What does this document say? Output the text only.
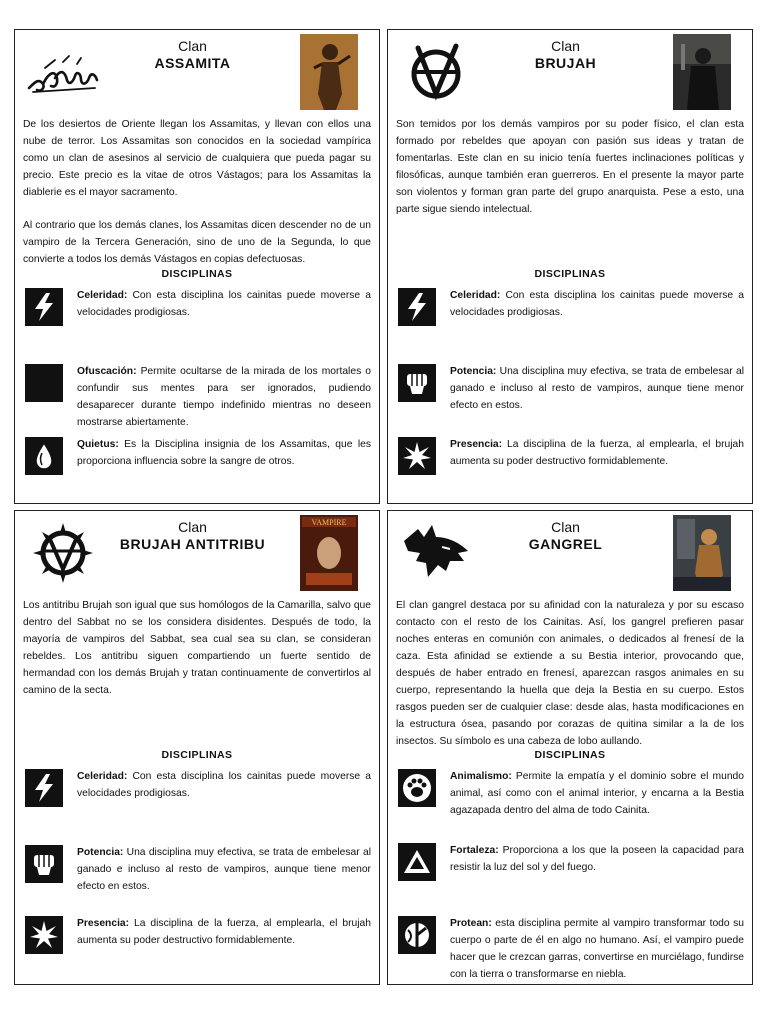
Clan
ASSAMITA

De los desiertos de Oriente llegan los Assamitas, y llevan con ellos una nube de terror. Los Assamitas son conocidos en la sociedad vampírica como un clan de asesinos al servicio de cualquiera que pueda pagar su precio. Este precio es la vitae de otros Vástagos; para los Assamitas la diablerie es el mayor sacramento.

Al contrario que los demás clanes, los Assamitas dicen descender no de un vampiro de la Tercera Generación, sino de uno de la Segunda, lo que convierte a todos los demás Vástagos en copias defectuosas.

DISCIPLINAS
Celeridad: Con esta disciplina los cainitas puede moverse a velocidades prodigiosas.
Ofuscación: Permite ocultarse de la mirada de los mortales o confundir sus mentes para ser ignorados, pudiendo desaparecer durante tiempo indefinido mientras no deseen mostrarse abiertamente.
Quietus: Es la Disciplina insignia de los Assamitas, que les proporciona influencia sobre la sangre de otros.
Clan
BRUJAH

Son temidos por los demás vampiros por su poder físico, el clan esta formado por rebeldes que apoyan con pasión sus ideas y tratan de fomentarlas. Este clan en su inicio tenía fuertes inclinaciones políticas y filosóficas, aunque también eran guerreros. En el presente la mayor parte son violentos y forman gran parte del grupo anarquista. Pese a esto, una parte sigue siendo intelectual.

DISCIPLINAS
Celeridad: Con esta disciplina los cainitas puede moverse a velocidades prodigiosas.
Potencia: Una disciplina muy efectiva, se trata de embelesar al ganado e incluso al resto de vampiros, aunque tiene menor efecto en estos.
Presencia: La disciplina de la fuerza, al emplearla, el brujah aumenta su poder destructivo formidablemente.
Clan
BRUJAH ANTITRIBU
VAMPIRE

Los antitribu Brujah son igual que sus homólogos de la Camarilla, salvo que dentro del Sabbat no se los considera disidentes. Después de todo, la mayoría de vampiros del Sabbat, sea cual sea su clan, se consideran rebeldes. Los antitribu siguen compartiendo un fuerte sentido de hermandad con los demás Brujah y tratan continuamente de convertirlos al camino de la secta.

DISCIPLINAS
Celeridad: Con esta disciplina los cainitas puede moverse a velocidades prodigiosas.
Potencia: Una disciplina muy efectiva, se trata de embelesar al ganado e incluso al resto de vampiros, aunque tiene menor efecto en estos.
Presencia: La disciplina de la fuerza, al emplearla, el brujah aumenta su poder destructivo formidablemente.
Clan
GANGREL

El clan gangrel destaca por su afinidad con la naturaleza y por su escaso contacto con el resto de los Cainitas. Así, los gangrel prefieren pasar noches enteras en comunión con animales, o dedicados al frenesí de la caza. Esta afinidad se extiende a su Bestia interior, provocando que, después de haber entrado en frenesí, aparezcan rasgos animales en su cuerpo, representando la huella que deja la Bestia en su cuerpo. Estos rasgos pueden ser de cualquier clase: desde alas, hasta modificaciones en la estructura ósea, pasando por corazas de quitina similar a la de los insectos. Su símbolo es una cabeza de lobo aullando.

DISCIPLINAS
Animalismo: Permite la empatía y el dominio sobre el mundo animal, así como con el animal interior, y encarna a la Bestia agazapada dentro del alma de todo Cainita.
Fortaleza: Proporciona a los que la poseen la capacidad para resistir la luz del sol y del fuego.
Protean: esta disciplina permite al vampiro transformar todo su cuerpo o parte de él en algo no humano. Así, el vampiro puede hacer que le crezcan garras, convertirse en murciélago, fundirse con la tierra o transformarse en niebla.
